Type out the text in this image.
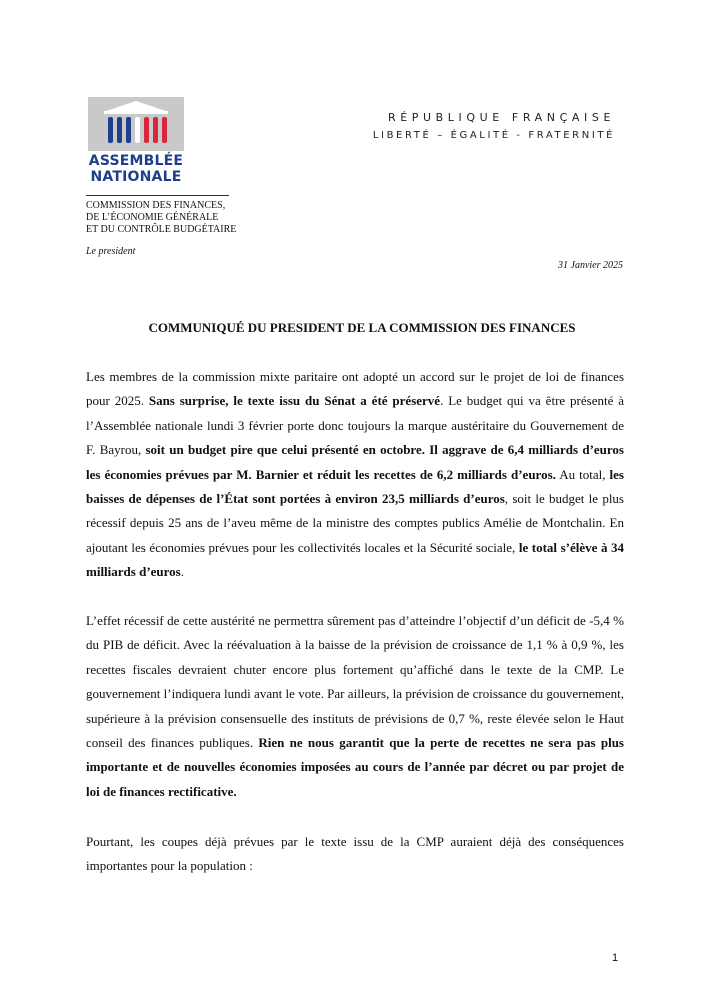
ASSEMBLÉE
NATIONALE
COMMISSION DES FINANCES,
DE L’ÉCONOMIE GÉNÉRALE
ET DU CONTRÔLE BUDGÉTAIRE
RÉPUBLIQUE FRANÇAISE
LIBERTÉ – ÉGALITÉ - FRATERNITÉ
Le president
31 Janvier 2025
COMMUNIQUÉ DU PRESIDENT DE LA COMMISSION DES FINANCES

Les membres de la commission mixte paritaire ont adopté un accord sur le projet de loi de finances pour 2025. Sans surprise, le texte issu du Sénat a été préservé. Le budget qui va être présenté à l’Assemblée nationale lundi 3 février porte donc toujours la marque austéritaire du Gouvernement de F. Bayrou, soit un budget pire que celui présenté en octobre. Il aggrave de 6,4 milliards d’euros les économies prévues par M. Barnier et réduit les recettes de 6,2 milliards d’euros. Au total, les baisses de dépenses de l’État sont portées à environ 23,5 milliards d’euros, soit le budget le plus récessif depuis 25 ans de l’aveu même de la ministre des comptes publics Amélie de Montchalin. En ajoutant les économies prévues pour les collectivités locales et la Sécurité sociale, le total s’élève à 34 milliards d’euros.

L’effet récessif de cette austérité ne permettra sûrement pas d’atteindre l’objectif d’un déficit de -5,4 % du PIB de déficit. Avec la réévaluation à la baisse de la prévision de croissance de 1,1 % à 0,9 %, les recettes fiscales devraient chuter encore plus fortement qu’affiché dans le texte de la CMP. Le gouvernement l’indiquera lundi avant le vote. Par ailleurs, la prévision de croissance du gouvernement, supérieure à la prévision consensuelle des instituts de prévisions de 0,7 %, reste élevée selon le Haut conseil des finances publiques. Rien ne nous garantit que la perte de recettes ne sera pas plus importante et de nouvelles économies imposées au cours de l’année par décret ou par projet de loi de finances rectificative.

Pourtant, les coupes déjà prévues par le texte issu de la CMP auraient déjà des conséquences importantes pour la population :

1
